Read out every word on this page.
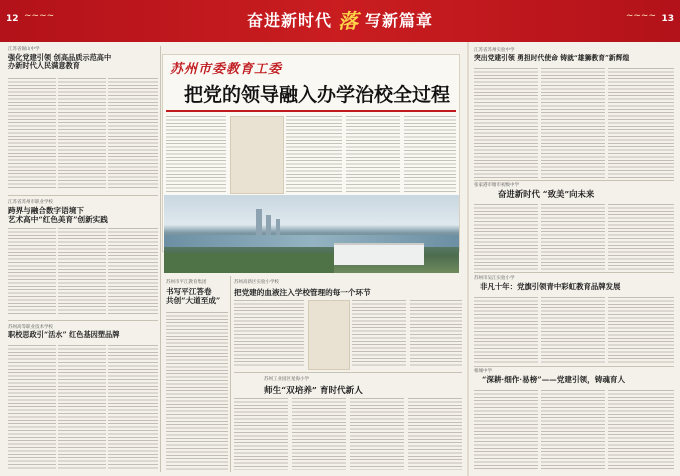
12 ~~~~	奋进新时代 落 写新篇章	~~~~ 13
江苏省锡山中学
强化党建引领 创高品质示范高中
办新时代人民满意教育
江苏省苏州市职业学校
跨界与融合数字语境下
艺术高中“红色美育”创新实践
苏州高等职业技术学校
职校思政引“活水” 红色基因塑品牌
苏州市委教育工委
把党的领导融入办学治校全过程
苏州市平江教育集团
书写平江答卷
共创“大道至成”
苏州高新区实验小学校
把党建的血液注入学校管理的每一个环节
苏州工业园区星海小学
师生“双培养” 育时代新人
江苏省苏州实验中学
突出党建引领 勇担时代使命 铸就“雄狮教育”新辉煌
张家港市塘市初级中学
奋进新时代 “致美”向未来
苏州市吴江实验小学
非凡十年：党旗引领青中彩虹教育品牌发展
相城中学
“深耕·细作·易榜”——党建引领，铸魂育人
